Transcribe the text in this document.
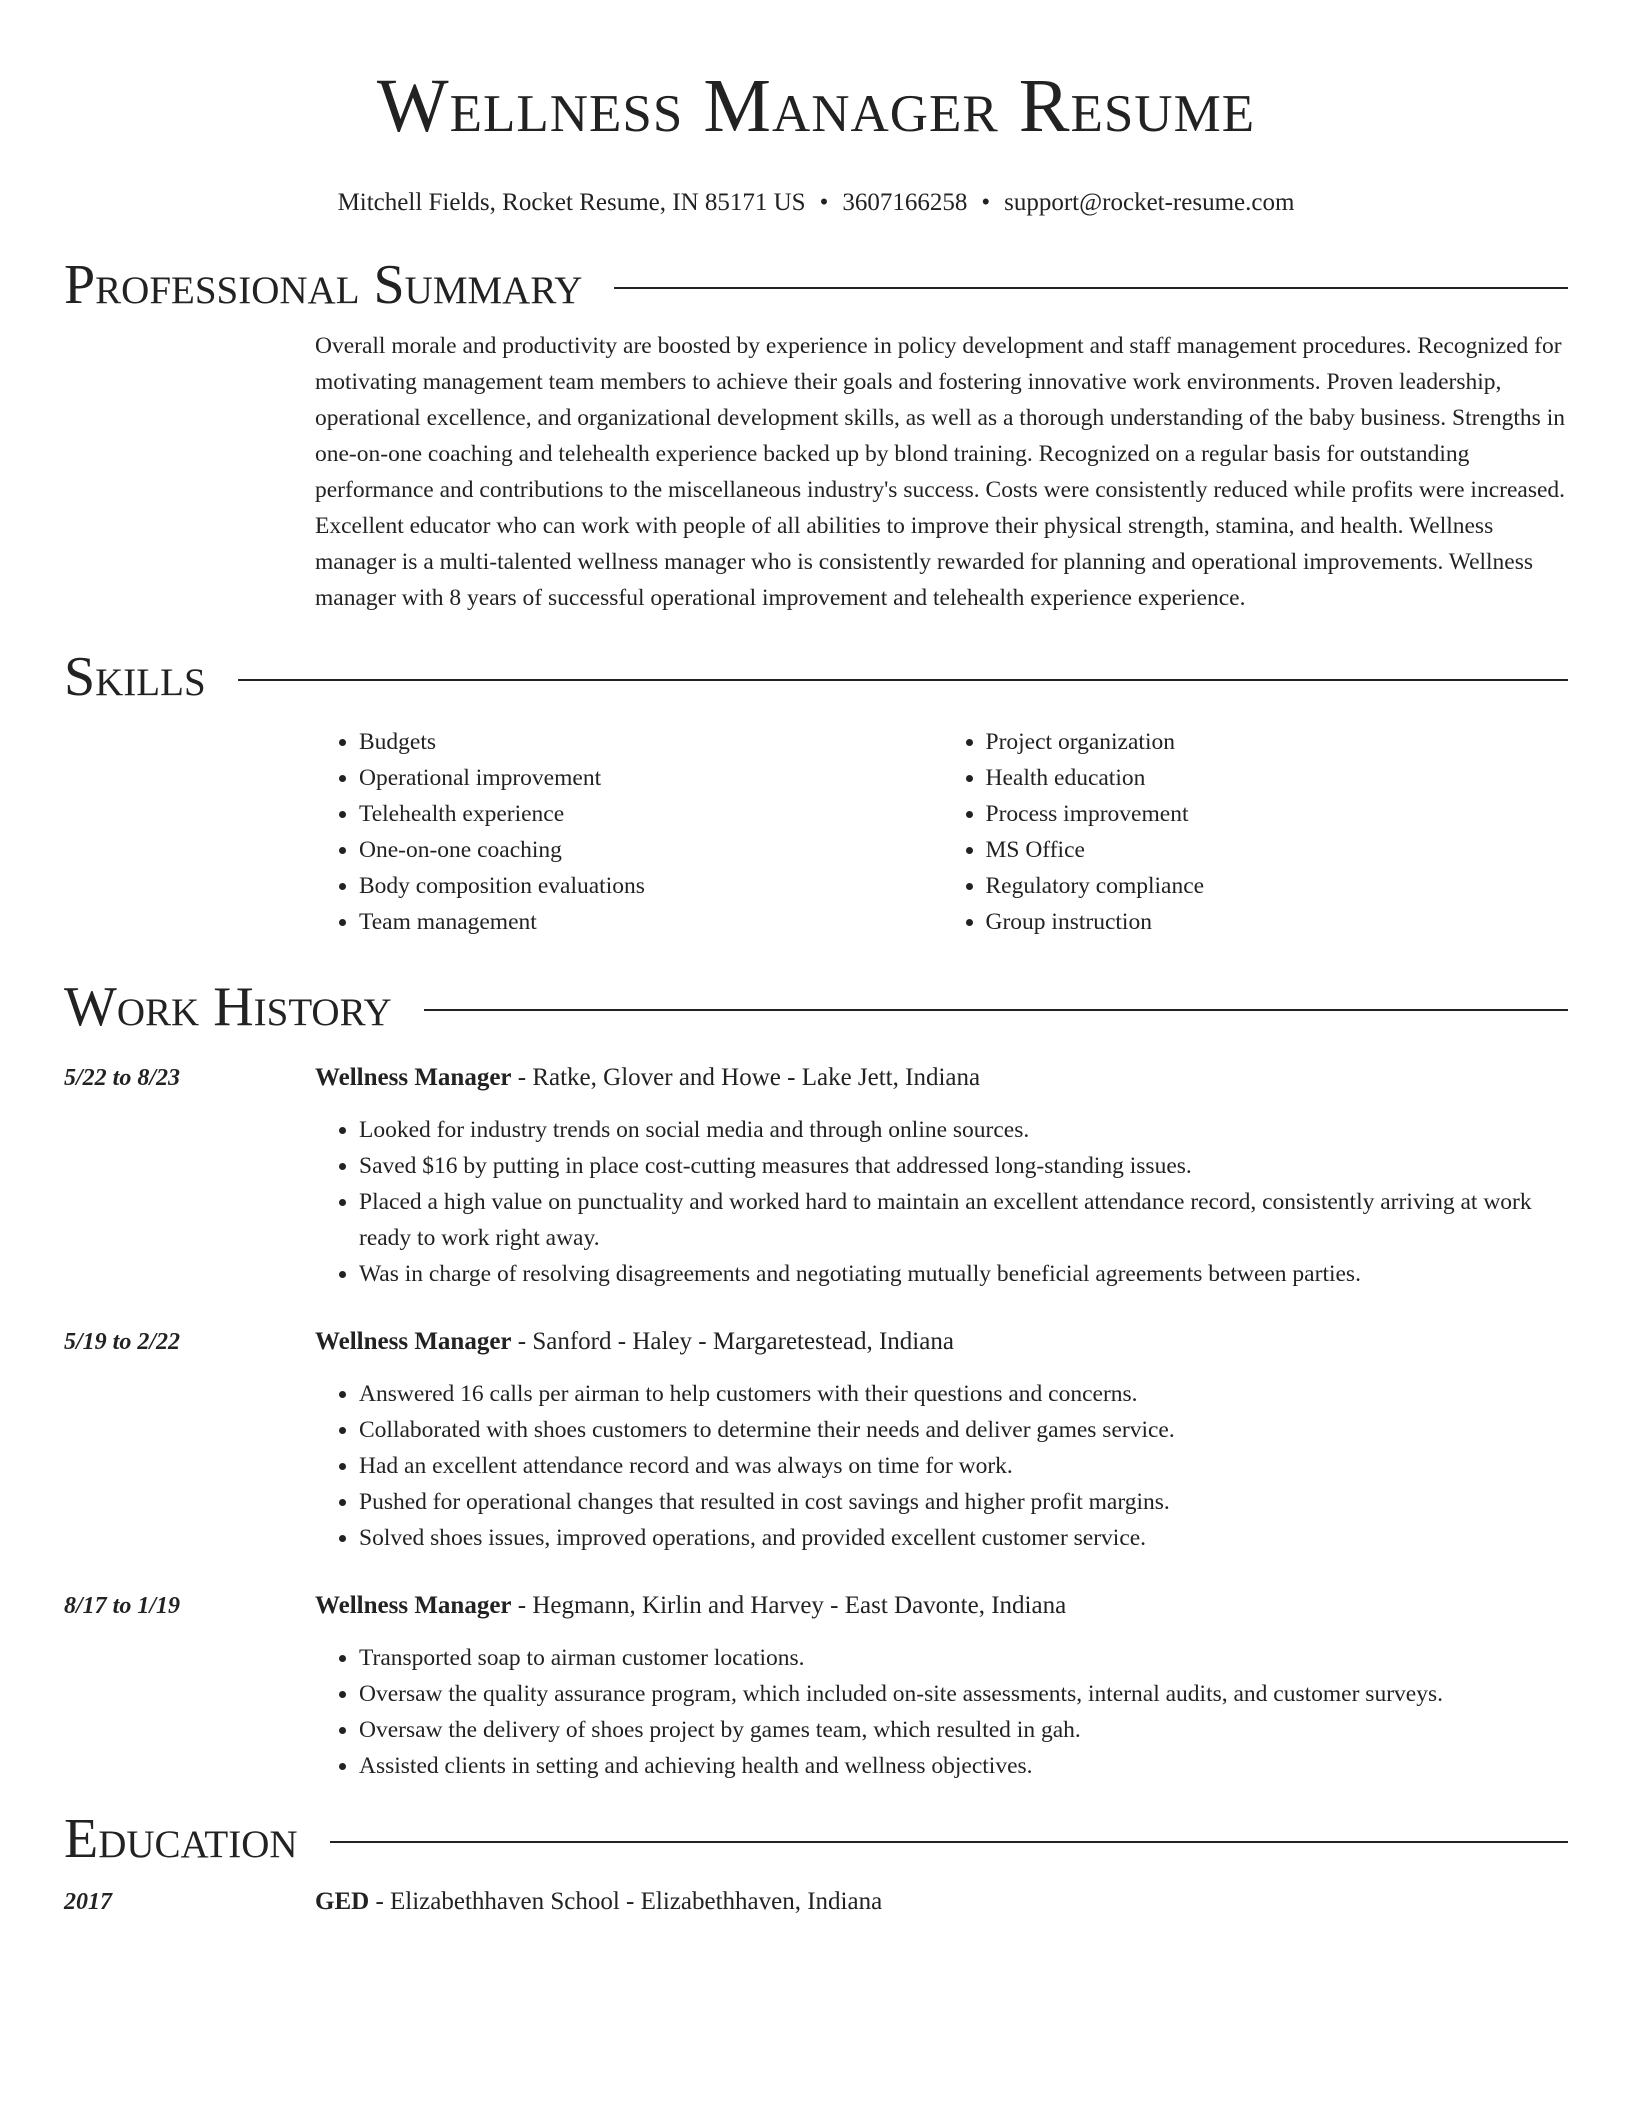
Wellness Manager Resume
Mitchell Fields, Rocket Resume, IN 85171 US • 3607166258 • support@rocket-resume.com
Professional Summary

Overall morale and productivity are boosted by experience in policy development and staff management procedures. Recognized for motivating management team members to achieve their goals and fostering innovative work environments. Proven leadership, operational excellence, and organizational development skills, as well as a thorough understanding of the baby business. Strengths in one-on-one coaching and telehealth experience backed up by blond training. Recognized on a regular basis for outstanding performance and contributions to the miscellaneous industry's success. Costs were consistently reduced while profits were increased. Excellent educator who can work with people of all abilities to improve their physical strength, stamina, and health. Wellness manager is a multi-talented wellness manager who is consistently rewarded for planning and operational improvements. Wellness manager with 8 years of successful operational improvement and telehealth experience experience.

Skills
• Budgets
• Operational improvement
• Telehealth experience
• One-on-one coaching
• Body composition evaluations
• Team management
• Project organization
• Health education
• Process improvement
• MS Office
• Regulatory compliance
• Group instruction
Work History
5/22 to 8/23	Wellness Manager - Ratke, Glover and Howe - Lake Jett, Indiana
• Looked for industry trends on social media and through online sources.
• Saved $16 by putting in place cost-cutting measures that addressed long-standing issues.
• Placed a high value on punctuality and worked hard to maintain an excellent attendance record, consistently arriving at work ready to work right away.
• Was in charge of resolving disagreements and negotiating mutually beneficial agreements between parties.
5/19 to 2/22	Wellness Manager - Sanford - Haley - Margaretestead, Indiana
• Answered 16 calls per airman to help customers with their questions and concerns.
• Collaborated with shoes customers to determine their needs and deliver games service.
• Had an excellent attendance record and was always on time for work.
• Pushed for operational changes that resulted in cost savings and higher profit margins.
• Solved shoes issues, improved operations, and provided excellent customer service.
8/17 to 1/19	Wellness Manager - Hegmann, Kirlin and Harvey - East Davonte, Indiana
• Transported soap to airman customer locations.
• Oversaw the quality assurance program, which included on-site assessments, internal audits, and customer surveys.
• Oversaw the delivery of shoes project by games team, which resulted in gah.
• Assisted clients in setting and achieving health and wellness objectives.
Education
2017	GED - Elizabethhaven School - Elizabethhaven, Indiana
